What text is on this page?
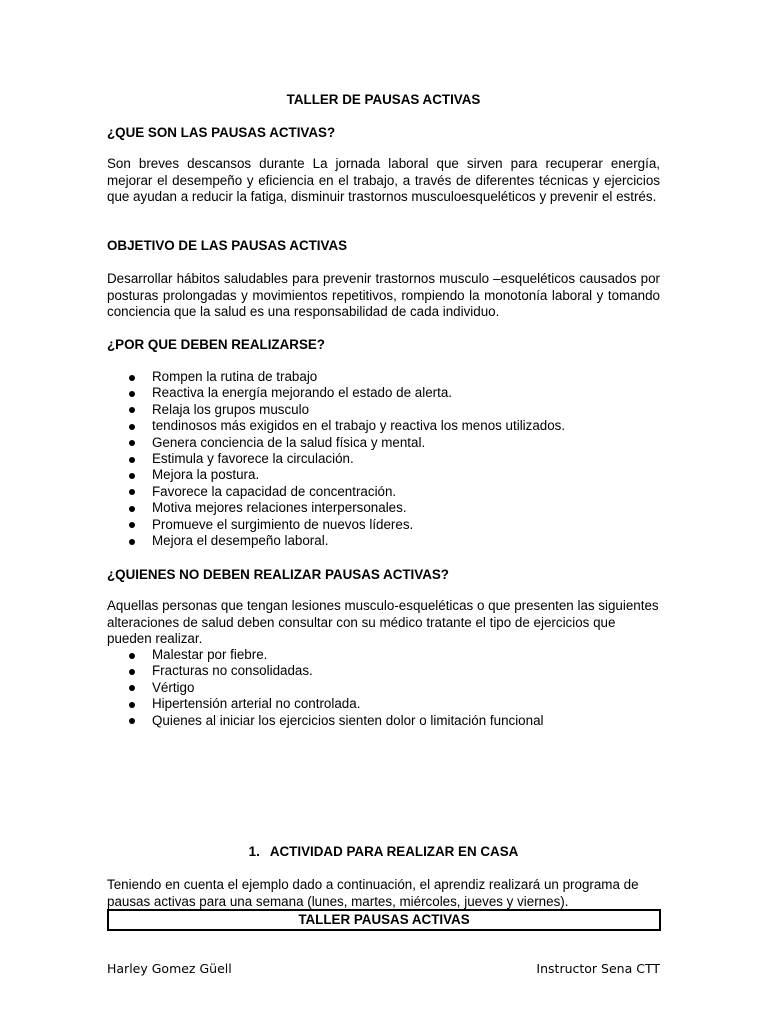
TALLER DE PAUSAS ACTIVAS
¿QUE SON LAS PAUSAS ACTIVAS?

Son breves descansos durante La jornada laboral que sirven para recuperar energía, mejorar el desempeño y eficiencia en el trabajo, a través de diferentes técnicas y ejercicios que ayudan a reducir la fatiga, disminuir trastornos musculoesqueléticos y prevenir el estrés.

OBJETIVO DE LAS PAUSAS ACTIVAS

Desarrollar hábitos saludables para prevenir trastornos musculo –esqueléticos causados por posturas prolongadas y movimientos repetitivos, rompiendo la monotonía laboral y tomando conciencia que la salud es una responsabilidad de cada individuo.

¿POR QUE DEBEN REALIZARSE?
Rompen la rutina de trabajo
Reactiva la energía mejorando el estado de alerta.
Relaja los grupos musculo
tendinosos más exigidos en el trabajo y reactiva los menos utilizados.
Genera conciencia de la salud física y mental.
Estimula y favorece la circulación.
Mejora la postura.
Favorece la capacidad de concentración.
Motiva mejores relaciones interpersonales.
Promueve el surgimiento de nuevos líderes.
Mejora el desempeño laboral.
¿QUIENES NO DEBEN REALIZAR PAUSAS ACTIVAS?

Aquellas personas que tengan lesiones musculo-esqueléticas o que presenten las siguientes alteraciones de salud deben consultar con su médico tratante el tipo de ejercicios que pueden realizar.

Malestar por fiebre.
Fracturas no consolidadas.
Vértigo
Hipertensión arterial no controlada.
Quienes al iniciar los ejercicios sienten dolor o limitación funcional
1. ACTIVIDAD PARA REALIZAR EN CASA

Teniendo en cuenta el ejemplo dado a continuación, el aprendiz realizará un programa de pausas activas para una semana (lunes, martes, miércoles, jueves y viernes).

TALLER PAUSAS ACTIVAS
Harley Gomez Güell	Instructor Sena CTT
